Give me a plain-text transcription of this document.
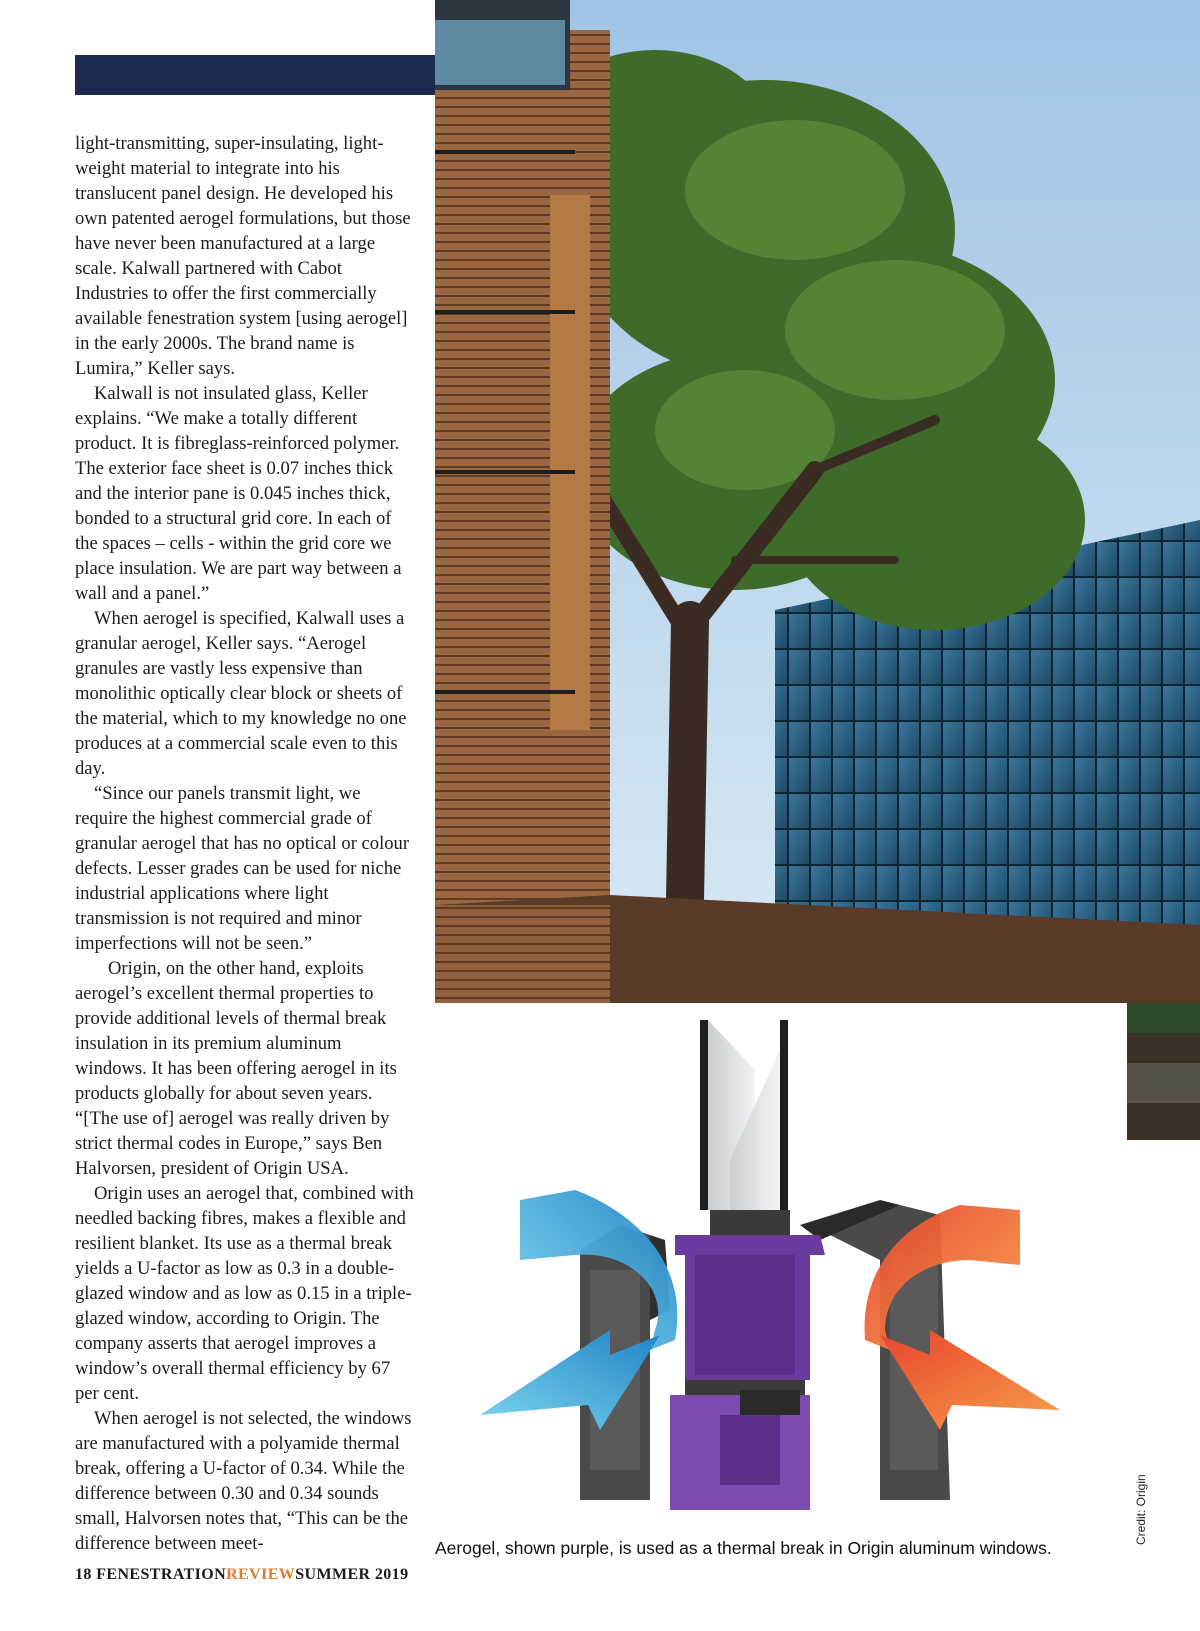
light-transmitting, super-insulating, light-weight material to integrate into his translucent panel design. He developed his own patented aerogel formulations, but those have never been manufactured at a large scale. Kalwall partnered with Cabot Industries to offer the first commercially available fenestration system [using aerogel] in the early 2000s. The brand name is Lumira,” Keller says.

Kalwall is not insulated glass, Keller explains. “We make a totally different product. It is fibreglass-reinforced polymer. The exterior face sheet is 0.07 inches thick and the interior pane is 0.045 inches thick, bonded to a structural grid core. In each of the spaces – cells - within the grid core we place insulation. We are part way between a wall and a panel.”

When aerogel is specified, Kalwall uses a granular aerogel, Keller says. “Aerogel granules are vastly less expensive than monolithic optically clear block or sheets of the material, which to my knowledge no one produces at a commercial scale even to this day.

“Since our panels transmit light, we require the highest commercial grade of granular aerogel that has no optical or colour defects. Lesser grades can be used for niche industrial applications where light transmission is not required and minor imperfections will not be seen.”

Origin, on the other hand, exploits aerogel’s excellent thermal properties to provide additional levels of thermal break insulation in its premium aluminum windows. It has been offering aerogel in its products globally for about seven years. “[The use of] aerogel was really driven by strict thermal codes in Europe,” says Ben Halvorsen, president of Origin USA.

Origin uses an aerogel that, combined with needled backing fibres, makes a flexible and resilient blanket. Its use as a thermal break yields a U-factor as low as 0.3 in a double-glazed window and as low as 0.15 in a triple-glazed window, according to Origin. The company asserts that aerogel improves a window’s overall thermal efficiency by 67 per cent.

When aerogel is not selected, the windows are manufactured with a polyamide thermal break, offering a U-factor of 0.34. While the difference between 0.30 and 0.34 sounds small, Halvorsen notes that, “This can be the difference between meet-	Aerogel, shown purple, is used as a thermal break in Origin aluminum windows.
Credit: Origin
18 FENESTRATIONREVIEWSUMMER 2019
